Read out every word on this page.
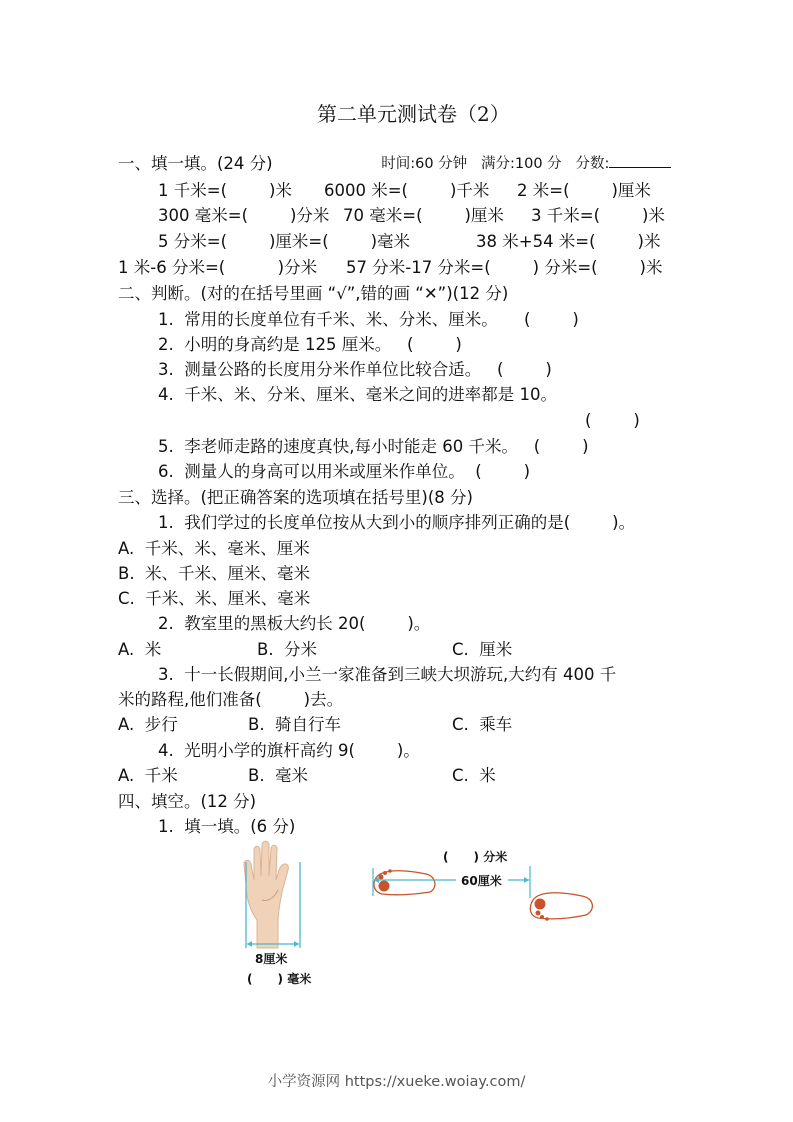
第二单元测试卷（2）

时间:60 分钟 满分:100 分 分数:

一、填一填。(24 分)
1 千米=(        )米 6000 米=(        )千米 2 米=(        )厘米
300 毫米=(        )分米 70 毫米=(        )厘米 3 千米=(        )米
5 分米=(        )厘米=(        )毫米	38 米+54 米=(        )米
1 米-6 分米=(          )分米 57 分米-17 分米=(        ) 分米=(        )米
二、判断。(对的在括号里画 “√”,错的画 “✕”)(12 分)
1.  常用的长度单位有千米、米、分米、厘米。     (        )
2.  小明的身高约是 125 厘米。   (        )
3.  测量公路的长度用分米作单位比较合适。   (        )
4.  千米、米、分米、厘米、毫米之间的进率都是 10。
(        )
5.  李老师走路的速度真快,每小时能走 60 千米。   (        )
6.  测量人的身高可以用米或厘米作单位。  (        )
三、选择。(把正确答案的选项填在括号里)(8 分)
1.  我们学过的长度单位按从大到小的顺序排列正确的是(        )。
A.  千米、米、毫米、厘米
B.  米、千米、厘米、毫米
C.  千米、米、厘米、毫米
2.  教室里的黑板大约长 20(        )。
A.  米	B.  分米	C.  厘米
3.  十一长假期间,小兰一家准备到三峡大坝游玩,大约有 400 千
米的路程,他们准备(        )去。
A.  步行	B.  骑自行车	C.  乘车
4.  光明小学的旗杆高约 9(        )。
A.  千米	B.  毫米	C.  米
四、填空。(12 分)
1.  填一填。(6 分)
8厘米
(      ) 毫米
(      ) 分米
60厘米
小学资源网 https://xueke.woiay.com/
